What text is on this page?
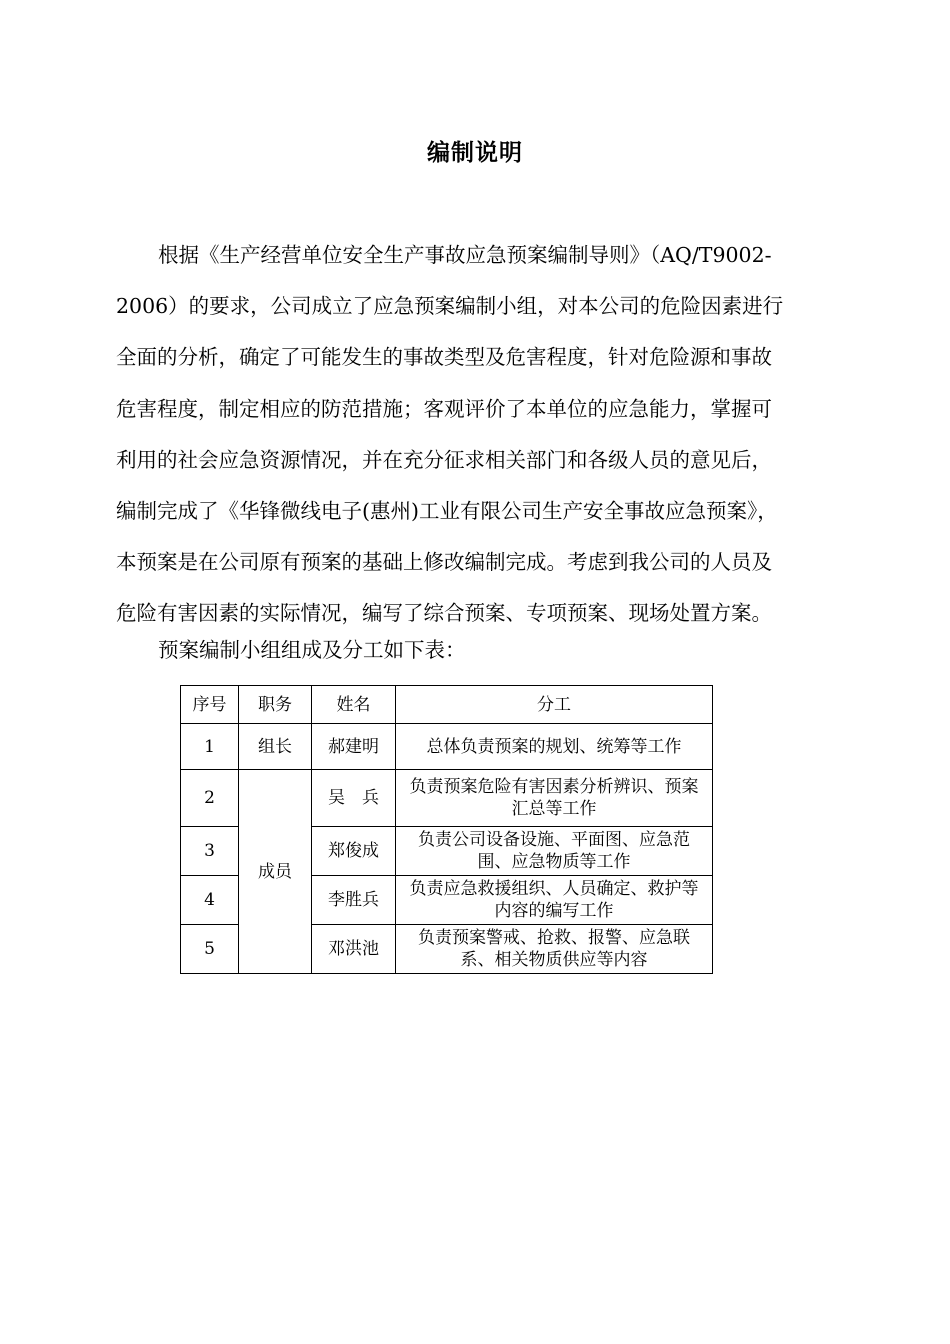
编制说明
根据《生产经营单位安全生产事故应急预案编制导则》（AQ/T9002-
2006）的要求，公司成立了应急预案编制小组，对本公司的危险因素进行
全面的分析，确定了可能发生的事故类型及危害程度，针对危险源和事故
危害程度，制定相应的防范措施；客观评价了本单位的应急能力，掌握可
利用的社会应急资源情况，并在充分征求相关部门和各级人员的意见后，
编制完成了《华锋微线电子(惠州)工业有限公司生产安全事故应急预案》，
本预案是在公司原有预案的基础上修改编制完成。考虑到我公司的人员及
危险有害因素的实际情况，编写了综合预案、专项预案、现场处置方案。
预案编制小组组成及分工如下表：
序号	职务	姓名	分工
1	组长	郝建明	总体负责预案的规划、统筹等工作
2	成员	吴　兵	负责预案危险有害因素分析辨识、预案汇总等工作
3		郑俊成	负责公司设备设施、平面图、应急范围、应急物质等工作
4		李胜兵	负责应急救援组织、人员确定、救护等内容的编写工作
5		邓洪池	负责预案警戒、抢救、报警、应急联系、相关物质供应等内容
